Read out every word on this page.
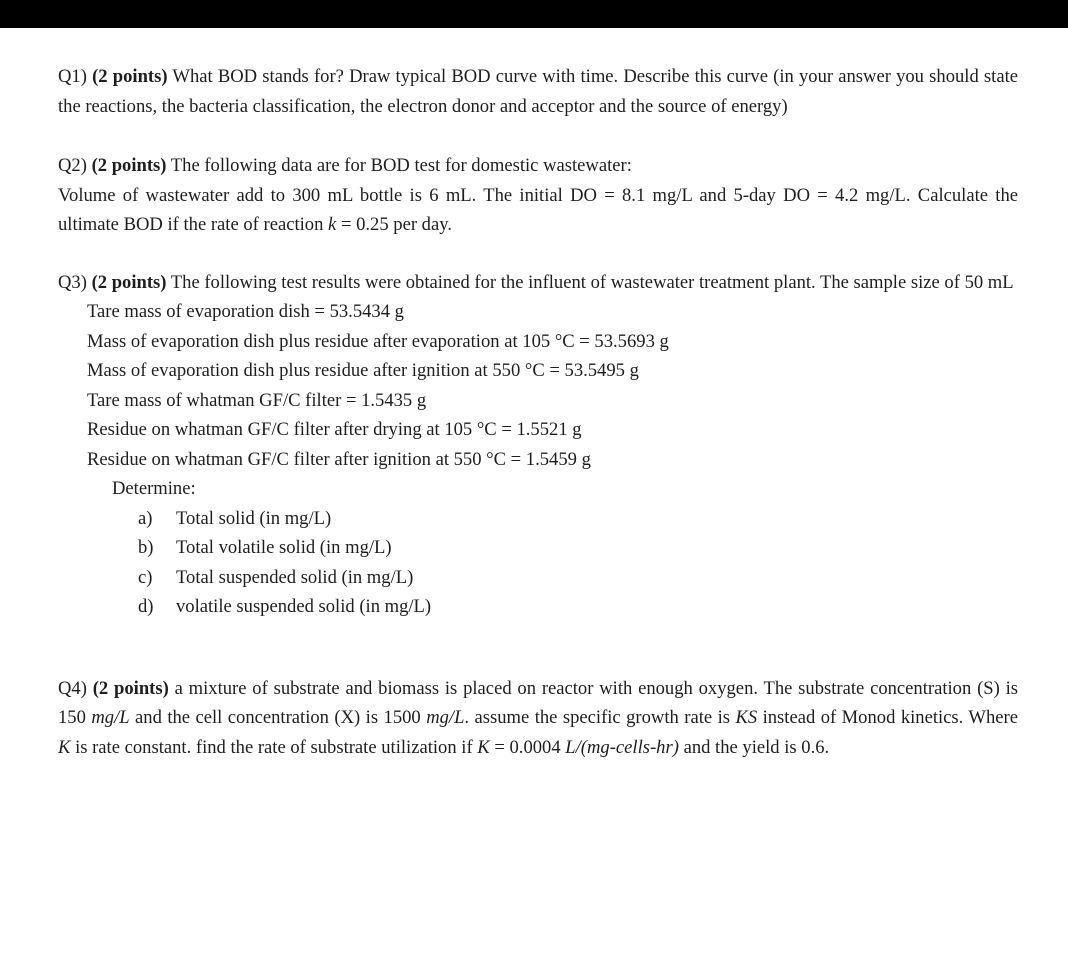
Q1) (2 points) What BOD stands for? Draw typical BOD curve with time. Describe this curve (in your answer you should state the reactions, the bacteria classification, the electron donor and acceptor and the source of energy)

Q2) (2 points) The following data are for BOD test for domestic wastewater:

Volume of wastewater add to 300 mL bottle is 6 mL. The initial DO = 8.1 mg/L and 5-day DO = 4.2 mg/L. Calculate the ultimate BOD if the rate of reaction k = 0.25 per day.

Q3) (2 points) The following test results were obtained for the influent of wastewater treatment plant. The sample size of 50 mL

Tare mass of evaporation dish = 53.5434 g
Mass of evaporation dish plus residue after evaporation at 105 °C = 53.5693 g
Mass of evaporation dish plus residue after ignition at 550 °C = 53.5495 g
Tare mass of whatman GF/C filter = 1.5435 g
Residue on whatman GF/C filter after drying at 105 °C = 1.5521 g
Residue on whatman GF/C filter after ignition at 550 °C = 1.5459 g
Determine:
a) Total solid (in mg/L)
b) Total volatile solid (in mg/L)
c) Total suspended solid (in mg/L)
d) volatile suspended solid (in mg/L)

Q4) (2 points) a mixture of substrate and biomass is placed on reactor with enough oxygen. The substrate concentration (S) is 150 mg/L and the cell concentration (X) is 1500 mg/L. assume the specific growth rate is KS instead of Monod kinetics. Where K is rate constant. find the rate of substrate utilization if K = 0.0004 L/(mg-cells-hr) and the yield is 0.6.
